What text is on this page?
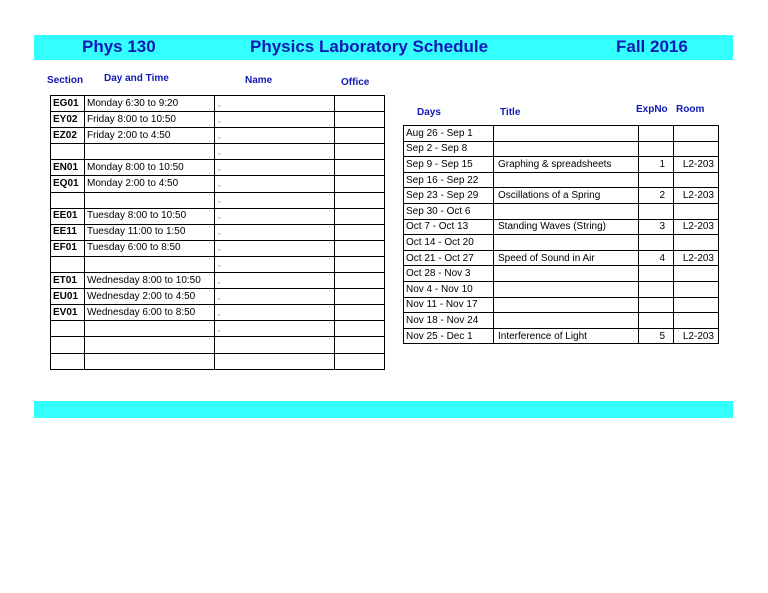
Phys 130	Physics Laboratory Schedule	Fall 2016
Section Day and Time	Name	Office
EG01	Monday 6:30 to 9:20	,	
EY02	Friday 8:00 to 10:50	,	
EZ02	Friday 2:00 to 4:50	,	
		,	
EN01	Monday 8:00 to 10:50	,	
EQ01	Monday 2:00 to 4:50	,	
		,	
EE01	Tuesday 8:00 to 10:50	,	
EE11	Tuesday 11:00 to 1:50	,	
EF01	Tuesday 6:00 to 8:50	,	
		,	
ET01	Wednesday 8:00 to 10:50	,	
EU01	Wednesday 2:00 to 4:50	,	
EV01	Wednesday 6:00 to 8:50	,	
		,	

Days	Title	ExpNo Room
Aug 26 - Sep 1			
Sep 2 - Sep 8			
Sep 9 - Sep 15	Graphing & spreadsheets	1	L2-203
Sep 16 - Sep 22			
Sep 23 - Sep 29	Oscillations of a Spring	2	L2-203
Sep 30 - Oct 6			
Oct 7 - Oct 13	Standing Waves (String)	3	L2-203
Oct 14 - Oct 20			
Oct 21 - Oct 27	Speed of Sound in Air	4	L2-203
Oct 28 - Nov 3			
Nov 4 - Nov 10			
Nov 11 - Nov 17			
Nov 18 - Nov 24			
Nov 25 - Dec 1	Interference of Light	5	L2-203
